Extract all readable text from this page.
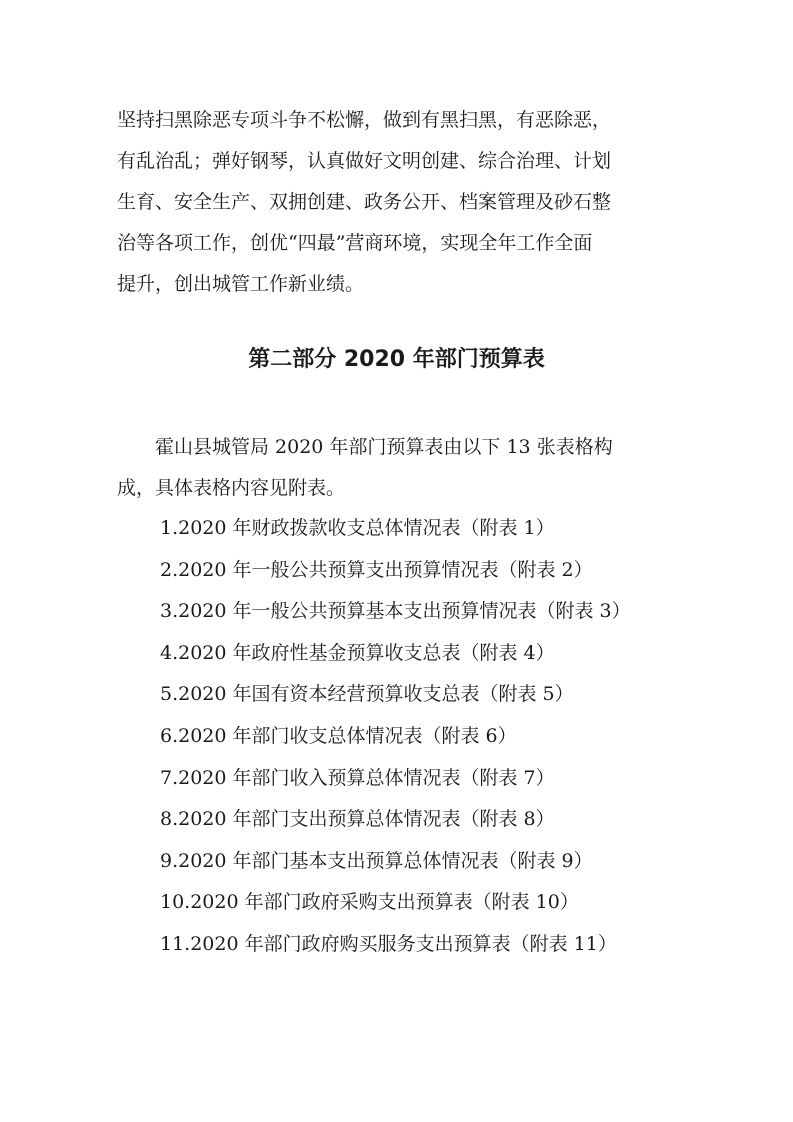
坚持扫黑除恶专项斗争不松懈，做到有黑扫黑，有恶除恶，
有乱治乱；弹好钢琴，认真做好文明创建、综合治理、计划
生育、安全生产、双拥创建、政务公开、档案管理及砂石整
治等各项工作，创优“四最”营商环境，实现全年工作全面
提升，创出城管工作新业绩。
第二部分 2020 年部门预算表
霍山县城管局 2020 年部门预算表由以下 13 张表格构
成，具体表格内容见附表。
1.2020 年财政拨款收支总体情况表（附表 1）
2.2020 年一般公共预算支出预算情况表（附表 2）
3.2020 年一般公共预算基本支出预算情况表（附表 3）
4.2020 年政府性基金预算收支总表（附表 4）
5.2020 年国有资本经营预算收支总表（附表 5）
6.2020 年部门收支总体情况表（附表 6）
7.2020 年部门收入预算总体情况表（附表 7）
8.2020 年部门支出预算总体情况表（附表 8）
9.2020 年部门基本支出预算总体情况表（附表 9）
10.2020 年部门政府采购支出预算表（附表 10）
11.2020 年部门政府购买服务支出预算表（附表 11）
